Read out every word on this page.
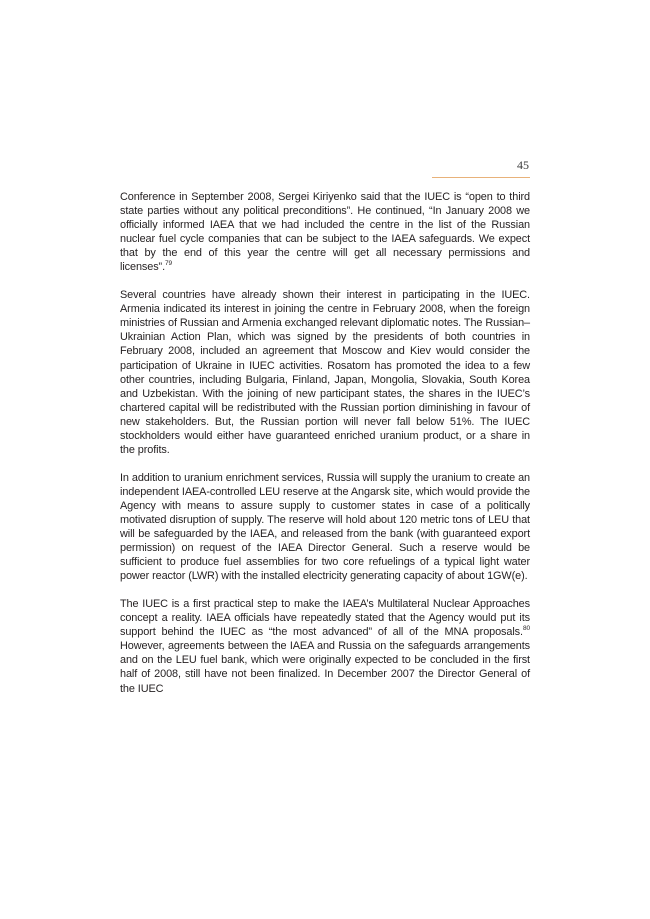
45

Conference in September 2008, Sergei Kiriyenko said that the IUEC is “open to third state parties without any political preconditions”. He continued, “In January 2008 we officially informed IAEA that we had included the centre in the list of the Russian nuclear fuel cycle companies that can be subject to the IAEA safeguards. We expect that by the end of this year the centre will get all necessary permissions and licenses”.$^{79}$

Several countries have already shown their interest in participating in the IUEC. Armenia indicated its interest in joining the centre in February 2008, when the foreign ministries of Russian and Armenia exchanged relevant diplomatic notes. The Russian–Ukrainian Action Plan, which was signed by the presidents of both countries in February 2008, included an agreement that Moscow and Kiev would consider the participation of Ukraine in IUEC activities. Rosatom has promoted the idea to a few other countries, including Bulgaria, Finland, Japan, Mongolia, Slovakia, South Korea and Uzbekistan. With the joining of new participant states, the shares in the IUEC’s chartered capital will be redistributed with the Russian portion diminishing in favour of new stakeholders. But, the Russian portion will never fall below 51%. The IUEC stockholders would either have guaranteed enriched uranium product, or a share in the profits.

In addition to uranium enrichment services, Russia will supply the uranium to create an independent IAEA-controlled LEU reserve at the Angarsk site, which would provide the Agency with means to assure supply to customer states in case of a politically motivated disruption of supply. The reserve will hold about 120 metric tons of LEU that will be safeguarded by the IAEA, and released from the bank (with guaranteed export permission) on request of the IAEA Director General. Such a reserve would be sufficient to produce fuel assemblies for two core refuelings of a typical light water power reactor (LWR) with the installed electricity generating capacity of about 1GW(e).

The IUEC is a first practical step to make the IAEA’s Multilateral Nuclear Approaches concept a reality. IAEA officials have repeatedly stated that the Agency would put its support behind the IUEC as “the most advanced” of all of the MNA proposals.$^{80}$ However, agreements between the IAEA and Russia on the safeguards arrangements and on the LEU fuel bank, which were originally expected to be concluded in the first half of 2008, still have not been finalized. In December 2007 the Director General of the IUEC
